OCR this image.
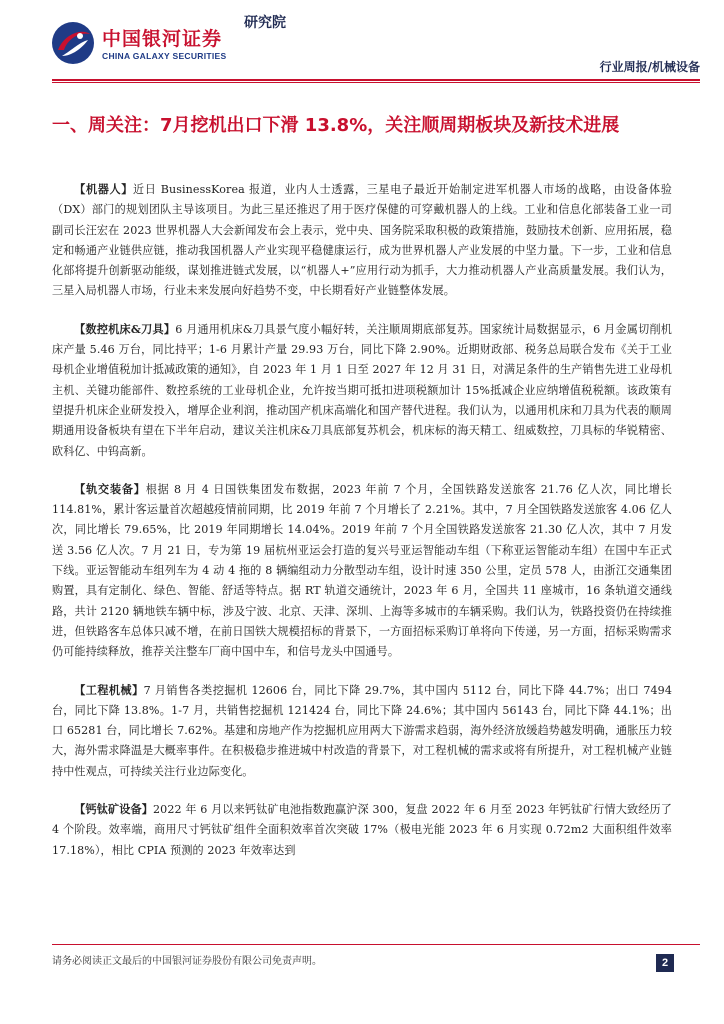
中国银河证券
CHINA GALAXY SECURITIES
研究院
行业周报/机械设备
一、周关注：7月挖机出口下滑 13.8%，关注顺周期板块及新技术进展

【机器人】近日 BusinessKorea 报道，业内人士透露，三星电子最近开始制定进军机器人市场的战略，由设备体验（DX）部门的规划团队主导该项目。为此三星还推迟了用于医疗保健的可穿戴机器人的上线。工业和信息化部装备工业一司副司长汪宏在 2023 世界机器人大会新闻发布会上表示，党中央、国务院采取积极的政策措施，鼓励技术创新、应用拓展，稳定和畅通产业链供应链，推动我国机器人产业实现平稳健康运行，成为世界机器人产业发展的中坚力量。下一步，工业和信息化部将提升创新驱动能级，谋划推进链式发展，以“机器人+”应用行动为抓手，大力推动机器人产业高质量发展。我们认为，三星入局机器人市场，行业未来发展向好趋势不变，中长期看好产业链整体发展。

【数控机床&刀具】6 月通用机床&刀具景气度小幅好转，关注顺周期底部复苏。国家统计局数据显示，6 月金属切削机床产量 5.46 万台，同比持平；1-6 月累计产量 29.93 万台，同比下降 2.90%。近期财政部、税务总局联合发布《关于工业母机企业增值税加计抵减政策的通知》，自 2023 年 1 月 1 日至 2027 年 12 月 31 日，对满足条件的生产销售先进工业母机主机、关键功能部件、数控系统的工业母机企业，允许按当期可抵扣进项税额加计 15%抵减企业应纳增值税税额。该政策有望提升机床企业研发投入，增厚企业利润，推动国产机床高端化和国产替代进程。我们认为，以通用机床和刀具为代表的顺周期通用设备板块有望在下半年启动，建议关注机床&刀具底部复苏机会，机床标的海天精工、纽威数控，刀具标的华锐精密、欧科亿、中钨高新。

【轨交装备】根据 8 月 4 日国铁集团发布数据，2023 年前 7 个月，全国铁路发送旅客 21.76 亿人次，同比增长 114.81%，累计客运量首次超越疫情前同期，比 2019 年前 7 个月增长了 2.21%。其中，7 月全国铁路发送旅客 4.06 亿人次，同比增长 79.65%，比 2019 年同期增长 14.04%。2019 年前 7 个月全国铁路发送旅客 21.30 亿人次，其中 7 月发送 3.56 亿人次。7 月 21 日，专为第 19 届杭州亚运会打造的复兴号亚运智能动车组（下称亚运智能动车组）在国中车正式下线。亚运智能动车组列车为 4 动 4 拖的 8 辆编组动力分散型动车组，设计时速 350 公里，定员 578 人，由浙江交通集团购置，具有定制化、绿色、智能、舒适等特点。据 RT 轨道交通统计，2023 年 6 月，全国共 11 座城市，16 条轨道交通线路，共计 2120 辆地铁车辆中标，涉及宁波、北京、天津、深圳、上海等多城市的车辆采购。我们认为，铁路投资仍在持续推进，但铁路客车总体只减不增，在前日国铁大规模招标的背景下，一方面招标采购订单将向下传递，另一方面，招标采购需求仍可能持续释放，推荐关注整车厂商中国中车，和信号龙头中国通号。

【工程机械】7 月销售各类挖掘机 12606 台，同比下降 29.7%，其中国内 5112 台，同比下降 44.7%；出口 7494 台，同比下降 13.8%。1-7 月，共销售挖掘机 121424 台，同比下降 24.6%；其中国内 56143 台，同比下降 44.1%；出口 65281 台，同比增长 7.62%。基建和房地产作为挖掘机应用两大下游需求趋弱，海外经济放缓趋势越发明确，通胀压力较大，海外需求降温是大概率事件。在积极稳步推进城中村改造的背景下，对工程机械的需求或将有所提升，对工程机械产业链持中性观点，可持续关注行业边际变化。

【钙钛矿设备】2022 年 6 月以来钙钛矿电池指数跑赢沪深 300，复盘 2022 年 6 月至 2023 年钙钛矿行情大致经历了 4 个阶段。效率端，商用尺寸钙钛矿组件全面积效率首次突破 17%（极电光能 2023 年 6 月实现 0.72m2 大面积组件效率 17.18%），相比 CPIA 预测的 2023 年效率达到

请务必阅读正文最后的中国银河证券股份有限公司免责声明。	2
